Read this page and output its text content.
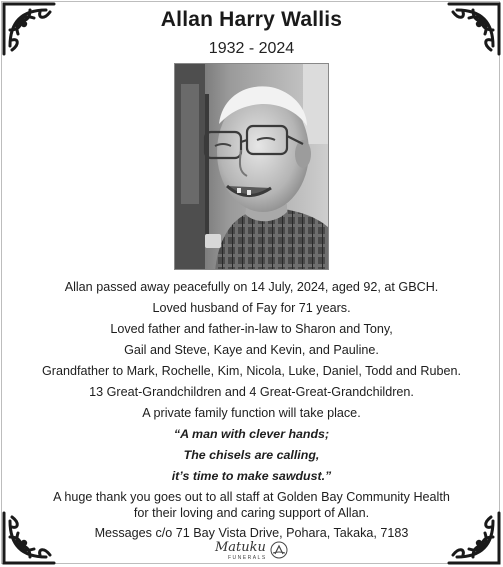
Allan Harry Wallis
1932 - 2024
Allan passed away peacefully on 14 July, 2024, aged 92, at GBCH.
Loved husband of Fay for 71 years.
Loved father and father-in-law to Sharon and Tony,
Gail and Steve, Kaye and Kevin, and Pauline.
Grandfather to Mark, Rochelle, Kim, Nicola, Luke, Daniel, Todd and Ruben.
13 Great-Grandchildren and 4 Great-Great-Grandchildren.
A private family function will take place.
“A man with clever hands;
The chisels are calling,
it’s time to make sawdust.”
A huge thank you goes out to all staff at Golden Bay Community Health
for their loving and caring support of Allan.
Messages c/o 71 Bay Vista Drive, Pohara, Takaka, 7183
Matuku
FUNERALS
